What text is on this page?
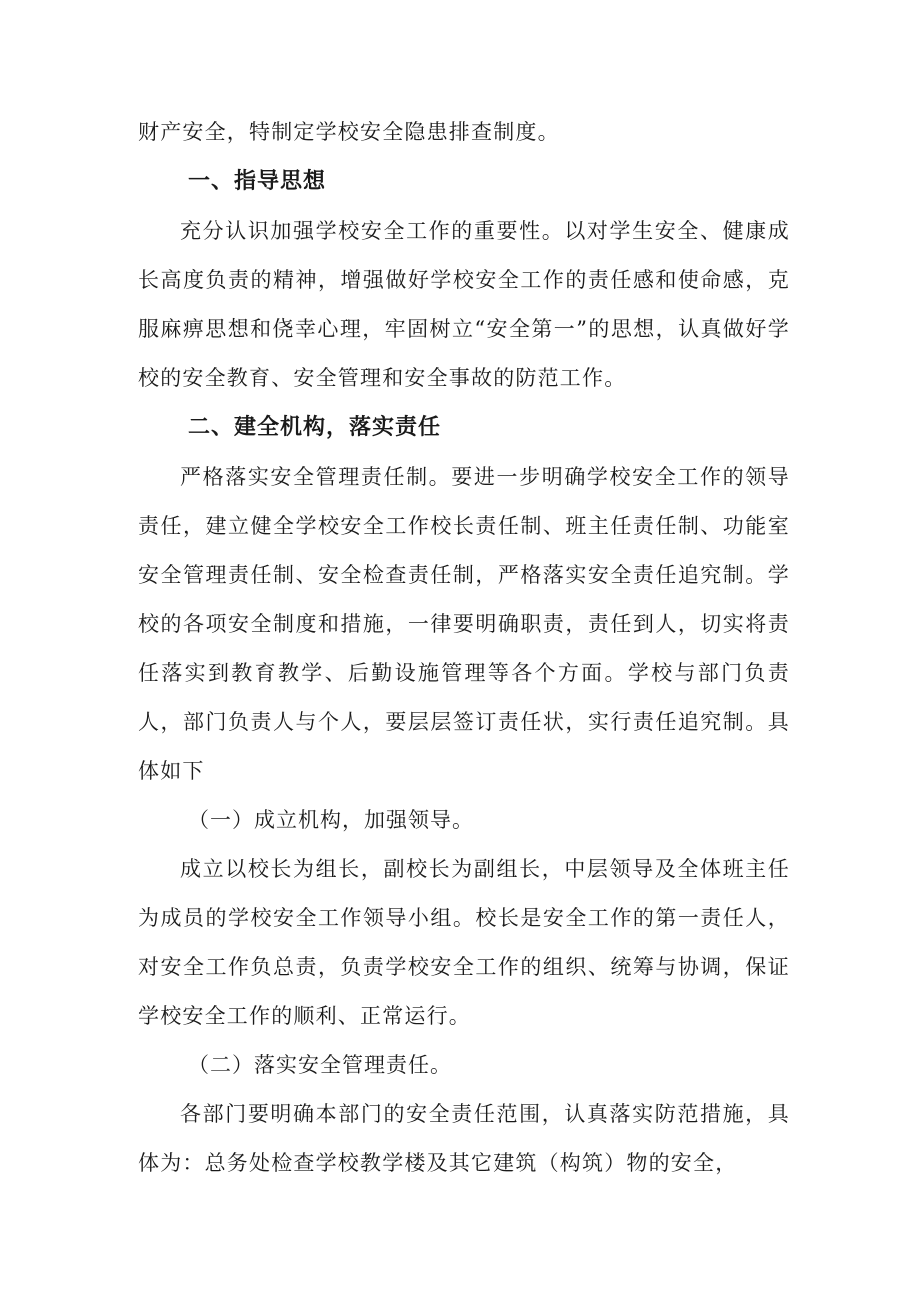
财产安全，特制定学校安全隐患排查制度。

一、指导思想

充分认识加强学校安全工作的重要性。以对学生安全、健康成长高度负责的精神，增强做好学校安全工作的责任感和使命感，克服麻痹思想和侥幸心理，牢固树立“安全第一”的思想，认真做好学校的安全教育、安全管理和安全事故的防范工作。

二、建全机构，落实责任

严格落实安全管理责任制。要进一步明确学校安全工作的领导责任，建立健全学校安全工作校长责任制、班主任责任制、功能室安全管理责任制、安全检查责任制，严格落实安全责任追究制。学校的各项安全制度和措施，一律要明确职责，责任到人，切实将责任落实到教育教学、后勤设施管理等各个方面。学校与部门负责人，部门负责人与个人，要层层签订责任状，实行责任追究制。具体如下

（一）成立机构，加强领导。

成立以校长为组长，副校长为副组长，中层领导及全体班主任为成员的学校安全工作领导小组。校长是安全工作的第一责任人，对安全工作负总责，负责学校安全工作的组织、统筹与协调，保证学校安全工作的顺利、正常运行。

（二）落实安全管理责任。

各部门要明确本部门的安全责任范围，认真落实防范措施，具体为：总务处检查学校教学楼及其它建筑（构筑）物的安全，
